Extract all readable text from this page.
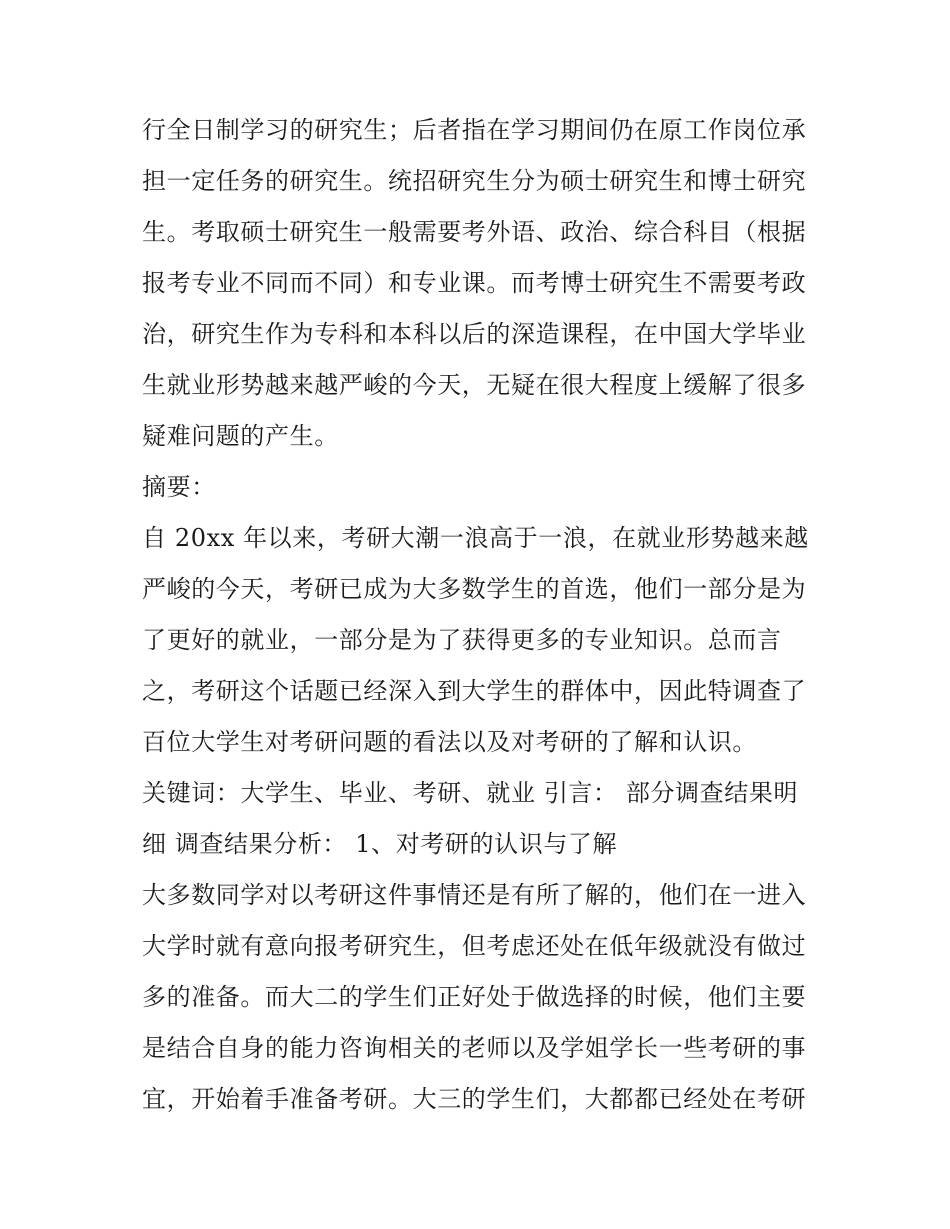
行全日制学习的研究生；后者指在学习期间仍在原工作岗位承
担一定任务的研究生。统招研究生分为硕士研究生和博士研究
生。考取硕士研究生一般需要考外语、政治、综合科目（根据
报考专业不同而不同）和专业课。而考博士研究生不需要考政
治，研究生作为专科和本科以后的深造课程，在中国大学毕业
生就业形势越来越严峻的今天，无疑在很大程度上缓解了很多
疑难问题的产生。
摘要：
自 20xx 年以来，考研大潮一浪高于一浪，在就业形势越来越
严峻的今天，考研已成为大多数学生的首选，他们一部分是为
了更好的就业，一部分是为了获得更多的专业知识。总而言
之，考研这个话题已经深入到大学生的群体中，因此特调查了
百位大学生对考研问题的看法以及对考研的了解和认识。
关键词：大学生、毕业、考研、就业 引言： 部分调查结果明
细 调查结果分析： 1、对考研的认识与了解
大多数同学对以考研这件事情还是有所了解的，他们在一进入
大学时就有意向报考研究生，但考虑还处在低年级就没有做过
多的准备。而大二的学生们正好处于做选择的时候，他们主要
是结合自身的能力咨询相关的老师以及学姐学长一些考研的事
宜，开始着手准备考研。大三的学生们，大都都已经处在考研
